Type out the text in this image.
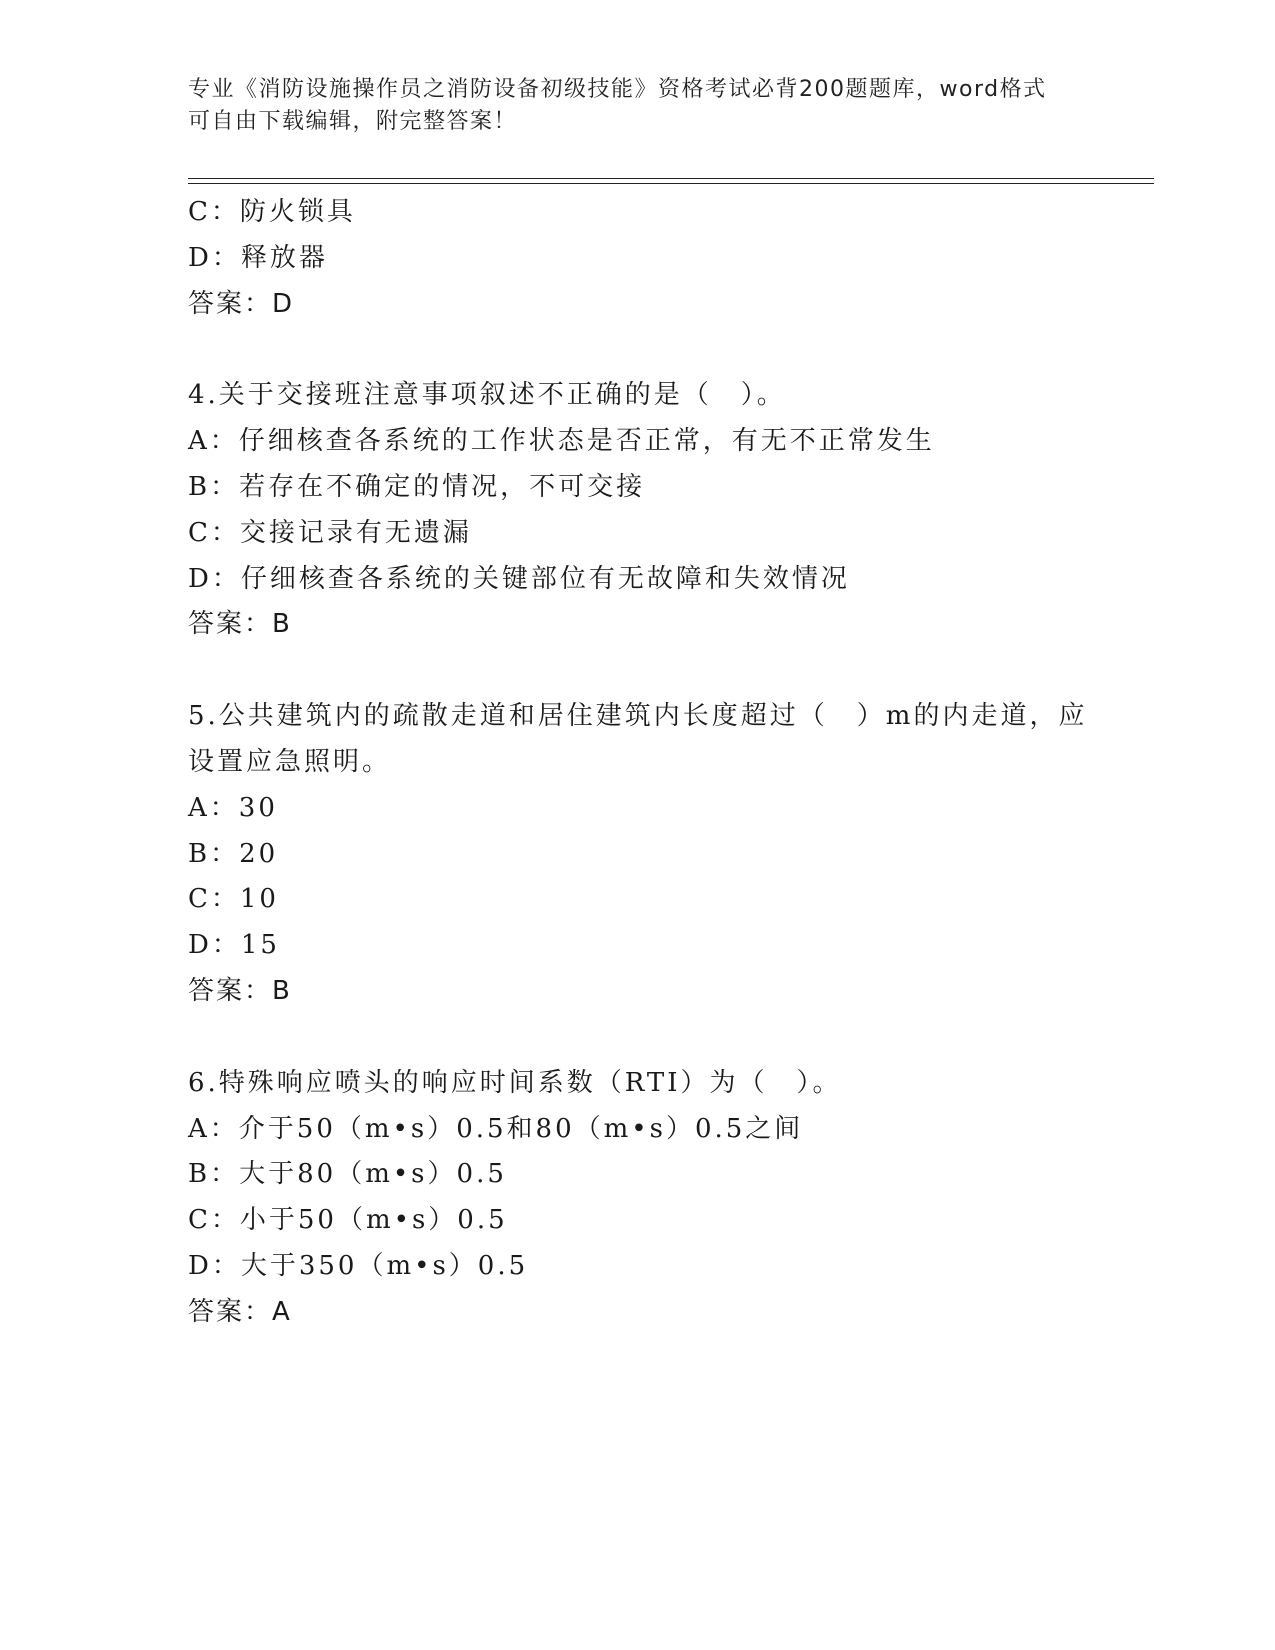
专业《消防设施操作员之消防设备初级技能》资格考试必背200题题库，word格式可自由下载编辑，附完整答案！
C：防火锁具
D：释放器
答案：D
4.关于交接班注意事项叙述不正确的是（　）。
A：仔细核查各系统的工作状态是否正常，有无不正常发生
B：若存在不确定的情况，不可交接
C：交接记录有无遗漏
D：仔细核查各系统的关键部位有无故障和失效情况
答案：B
5.公共建筑内的疏散走道和居住建筑内长度超过（　）m的内走道，应
设置应急照明。
A：30
B：20
C：10
D：15
答案：B
6.特殊响应喷头的响应时间系数（RTI）为（　）。
A：介于50（m•s）0.5和80（m•s）0.5之间
B：大于80（m•s）0.5
C：小于50（m•s）0.5
D：大于350（m•s）0.5
答案：A
